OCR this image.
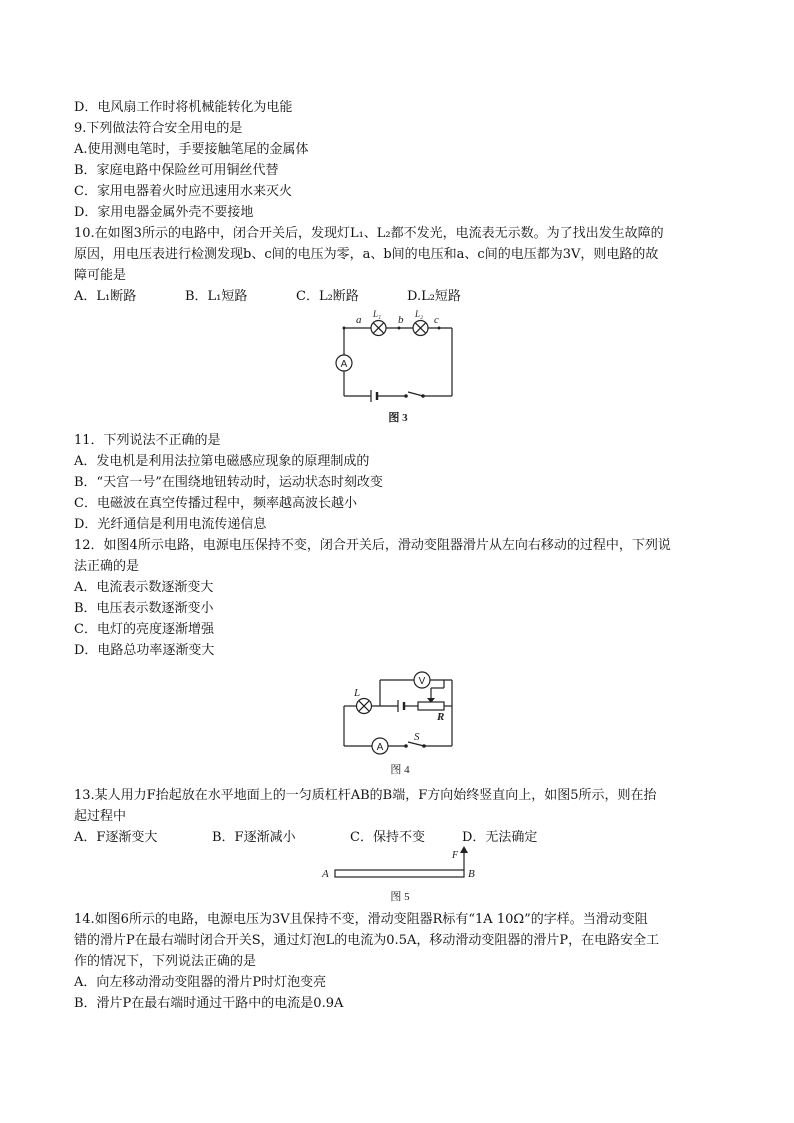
D．电风扇工作时将机械能转化为电能
9.下列做法符合安全用电的是
A.使用测电笔时，手要接触笔尾的金属体
B．家庭电路中保险丝可用铜丝代替
C．家用电器着火时应迅速用水来灭火
D．家用电器金属外壳不要接地
10.在如图3所示的电路中，闭合开关后，发现灯L₁、L₂都不发光，电流表无示数。为了找出发生故障的
原因，用电压表进行检测发现b、c间的电压为零，a、b间的电压和a、c间的电压都为3V，则电路的故
障可能是
A．L₁断路	B．L₁短路	C．L₂断路	D.L₂短路
A
a	b	c
L₁	L₂
图 3
11．下列说法不正确的是
A．发电机是利用法拉第电磁感应现象的原理制成的
B．“天宫一号”在围绕地钮转动时，运动状态时刻改变
C．电磁波在真空传播过程中，频率越高波长越小
D．光纤通信是利用电流传递信息
12．如图4所示电路，电源电压保持不变，闭合开关后，滑动变阻器滑片从左向右移动的过程中，下列说
法正确的是
A．电流表示数逐渐变大
B．电压表示数逐渐变小
C．电灯的亮度逐渐增强
D．电路总功率逐渐变大
V
A
L
R
S
图 4
13.某人用力F抬起放在水平地面上的一匀质杠杆AB的B端，F方向始终竖直向上，如图5所示，则在抬
起过程中
A．F逐渐变大	B．F逐渐减小	C．保持不变	D．无法确定
A	B
F
图 5
14.如图6所示的电路，电源电压为3V且保持不变，滑动变阻器R标有“1A 10Ω”的字样。当滑动变阻
错的滑片P在最右端时闭合开关S，通过灯泡L的电流为0.5A，移动滑动变阻器的滑片P，在电路安全工
作的情况下，下列说法正确的是
A．向左移动滑动变阻器的滑片P时灯泡变亮
B．滑片P在最右端时通过干路中的电流是0.9A
